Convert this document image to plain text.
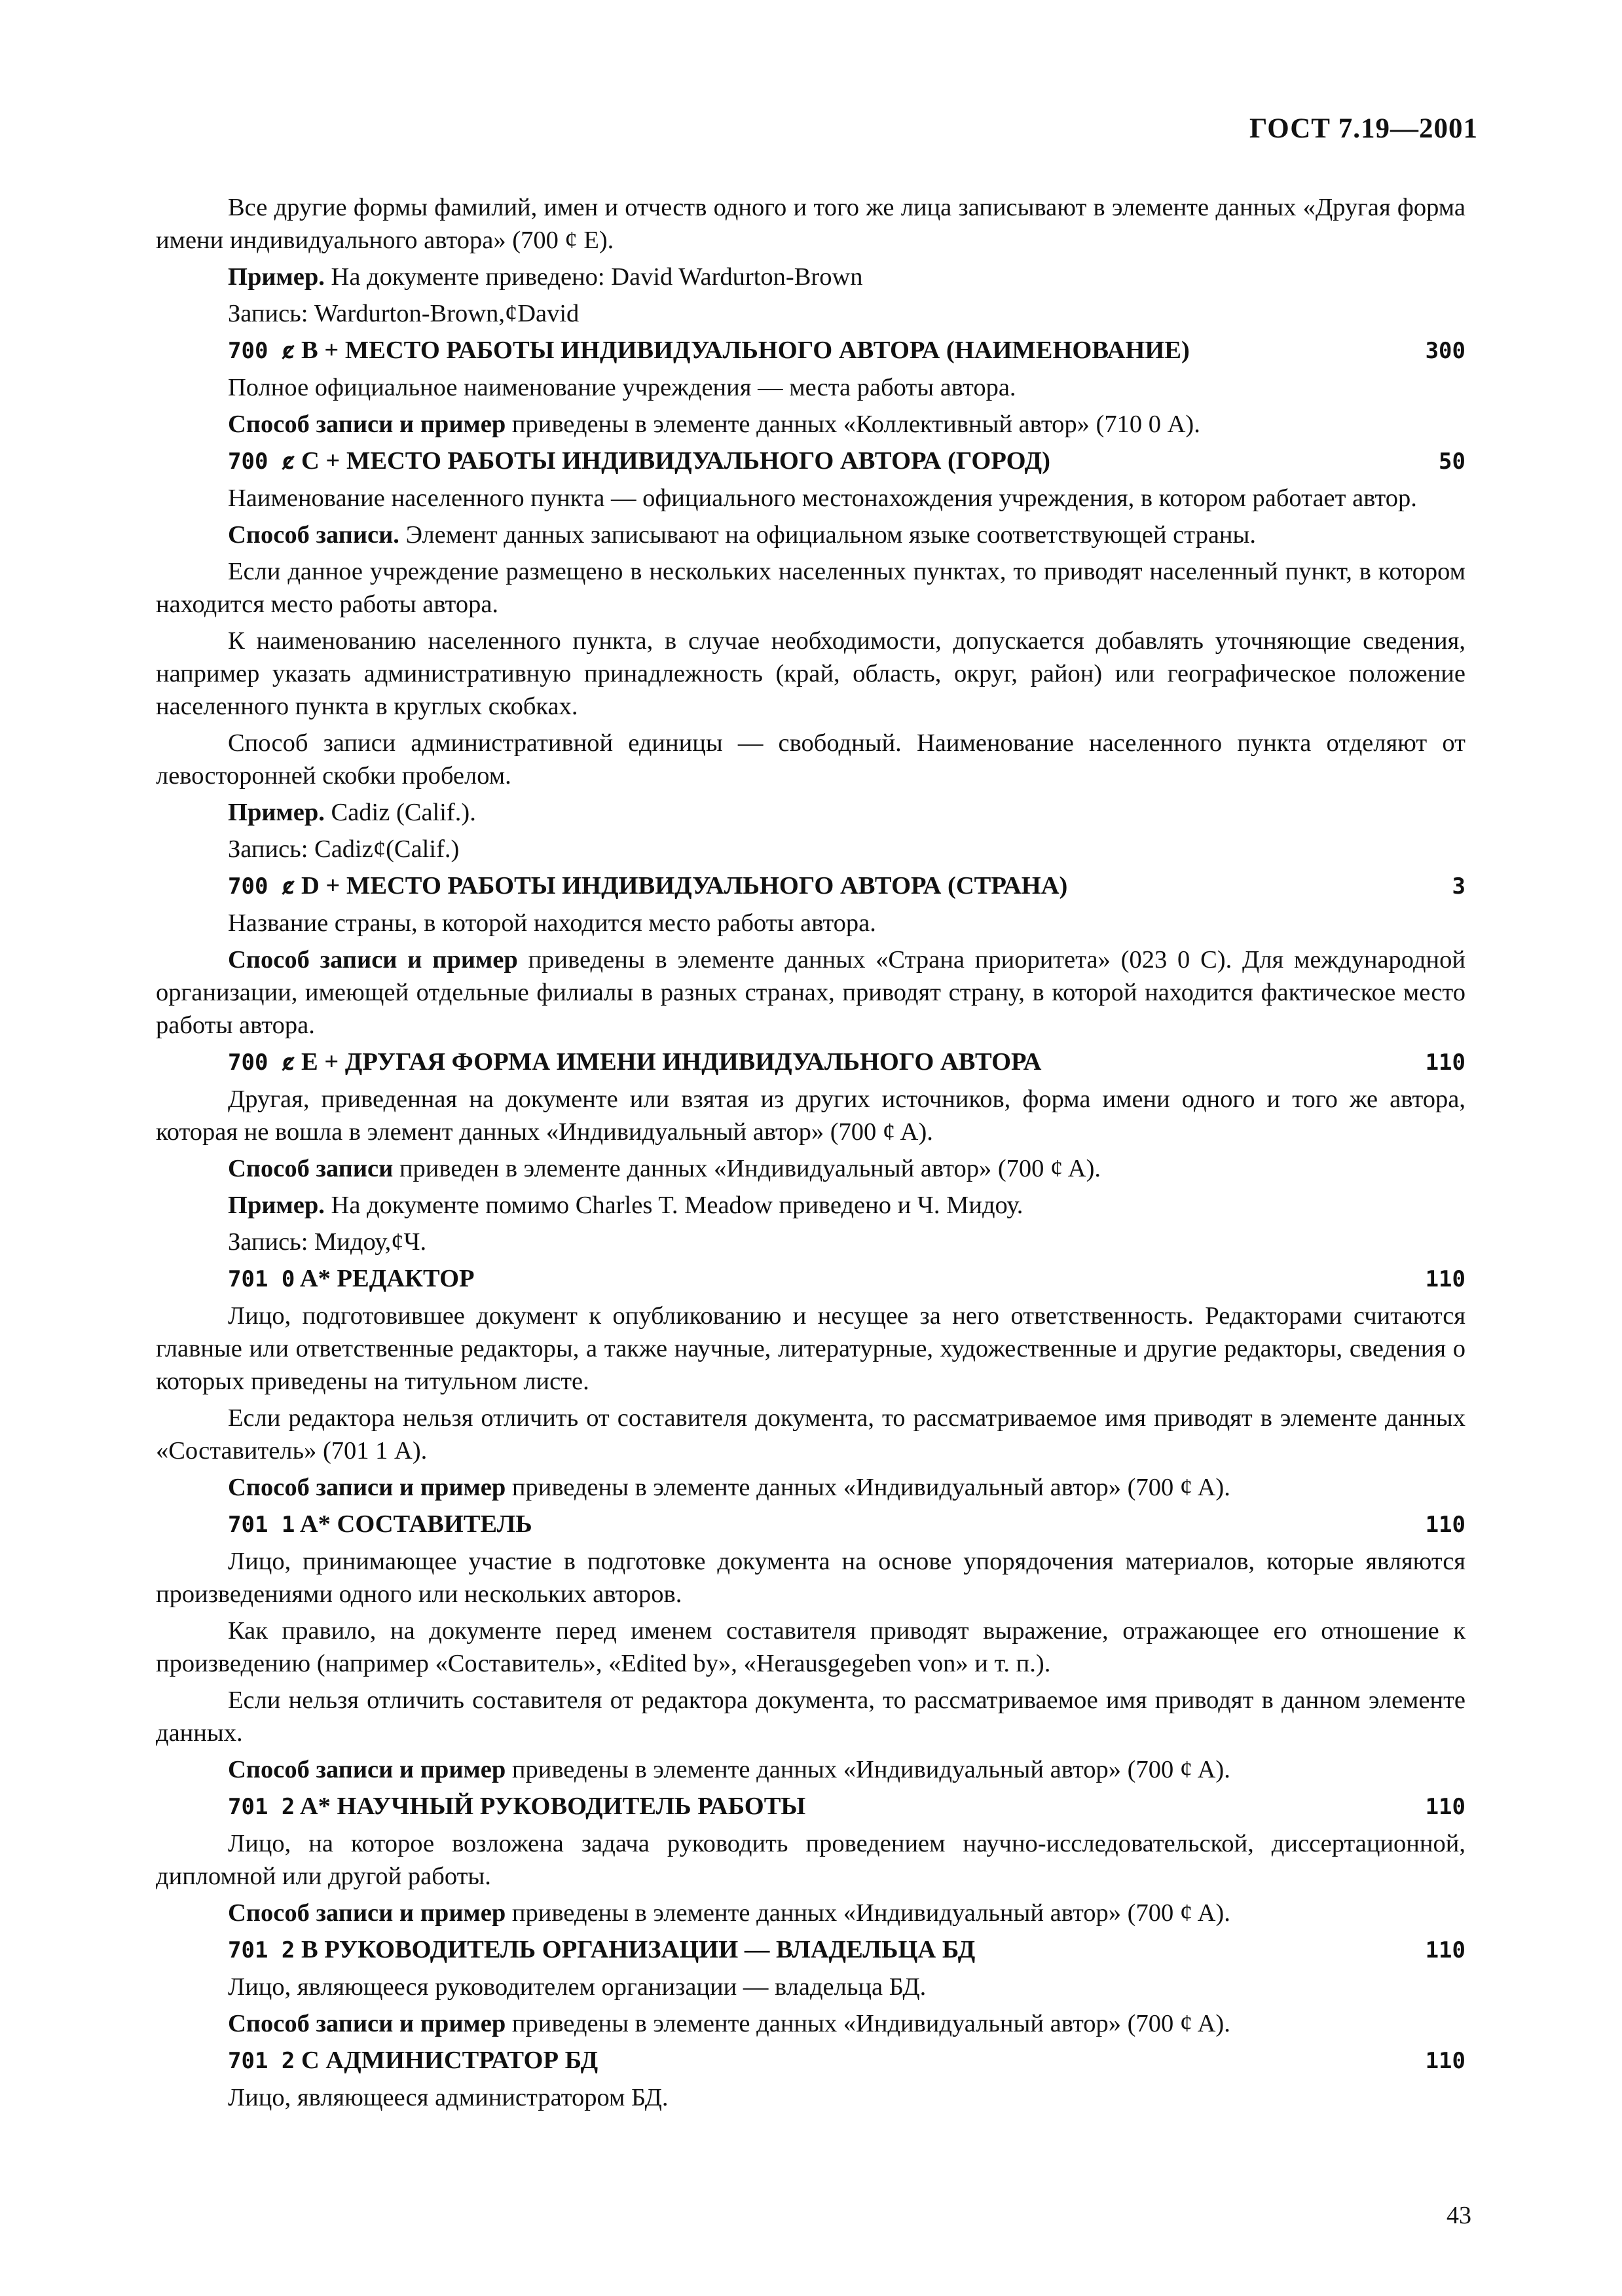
ГОСТ 7.19—2001
Все другие формы фамилий, имен и отчеств одного и того же лица записывают в элементе данных «Другая форма имени индивидуального автора» (700 ȼ E).
Пример. На документе приведено: David Wardurton-Brown
Запись: Wardurton-Brown,ȼDavid
700 ȼ B + МЕСТО РАБОТЫ ИНДИВИДУАЛЬНОГО АВТОРА (НАИМЕНОВАНИЕ)	300
Полное официальное наименование учреждения — места работы автора.
Способ записи и пример приведены в элементе данных «Коллективный автор» (710 0 A).
700 ȼ C + МЕСТО РАБОТЫ ИНДИВИДУАЛЬНОГО АВТОРА (ГОРОД)	50
Наименование населенного пункта — официального местонахождения учреждения, в котором работает автор.
Способ записи. Элемент данных записывают на официальном языке соответствующей страны.
Если данное учреждение размещено в нескольких населенных пунктах, то приводят населенный пункт, в котором находится место работы автора.
К наименованию населенного пункта, в случае необходимости, допускается добавлять уточняющие сведения, например указать административную принадлежность (край, область, округ, район) или географическое положение населенного пункта в круглых скобках.
Способ записи административной единицы — свободный. Наименование населенного пункта отделяют от левосторонней скобки пробелом.
Пример. Cadiz (Calif.).
Запись: Cadizȼ(Calif.)
700 ȼ D + МЕСТО РАБОТЫ ИНДИВИДУАЛЬНОГО АВТОРА (СТРАНА)	3
Название страны, в которой находится место работы автора.
Способ записи и пример приведены в элементе данных «Страна приоритета» (023 0 C). Для международной организации, имеющей отдельные филиалы в разных странах, приводят страну, в которой находится фактическое место работы автора.
700 ȼ E + ДРУГАЯ ФОРМА ИМЕНИ ИНДИВИДУАЛЬНОГО АВТОРА	110
Другая, приведенная на документе или взятая из других источников, форма имени одного и того же автора, которая не вошла в элемент данных «Индивидуальный автор» (700 ȼ A).
Способ записи приведен в элементе данных «Индивидуальный автор» (700 ȼ A).
Пример. На документе помимо Charles T. Meadow приведено и Ч. Мидоу.
Запись: Мидоу,ȼЧ.
701 0 A* РЕДАКТОР	110
Лицо, подготовившее документ к опубликованию и несущее за него ответственность. Редакторами считаются главные или ответственные редакторы, а также научные, литературные, художественные и другие редакторы, сведения о которых приведены на титульном листе.
Если редактора нельзя отличить от составителя документа, то рассматриваемое имя приводят в элементе данных «Составитель» (701 1 A).
Способ записи и пример приведены в элементе данных «Индивидуальный автор» (700 ȼ A).
701 1 A* СОСТАВИТЕЛЬ	110
Лицо, принимающее участие в подготовке документа на основе упорядочения материалов, которые являются произведениями одного или нескольких авторов.
Как правило, на документе перед именем составителя приводят выражение, отражающее его отношение к произведению (например «Составитель», «Edited by», «Herausgegeben von» и т. п.).
Если нельзя отличить составителя от редактора документа, то рассматриваемое имя приводят в данном элементе данных.
Способ записи и пример приведены в элементе данных «Индивидуальный автор» (700 ȼ A).
701 2 A* НАУЧНЫЙ РУКОВОДИТЕЛЬ РАБОТЫ	110
Лицо, на которое возложена задача руководить проведением научно-исследовательской, диссертационной, дипломной или другой работы.
Способ записи и пример приведены в элементе данных «Индивидуальный автор» (700 ȼ A).
701 2 B РУКОВОДИТЕЛЬ ОРГАНИЗАЦИИ — ВЛАДЕЛЬЦА БД	110
Лицо, являющееся руководителем организации — владельца БД.
Способ записи и пример приведены в элементе данных «Индивидуальный автор» (700 ȼ A).
701 2 C АДМИНИСТРАТОР БД	110
Лицо, являющееся администратором БД.
43
